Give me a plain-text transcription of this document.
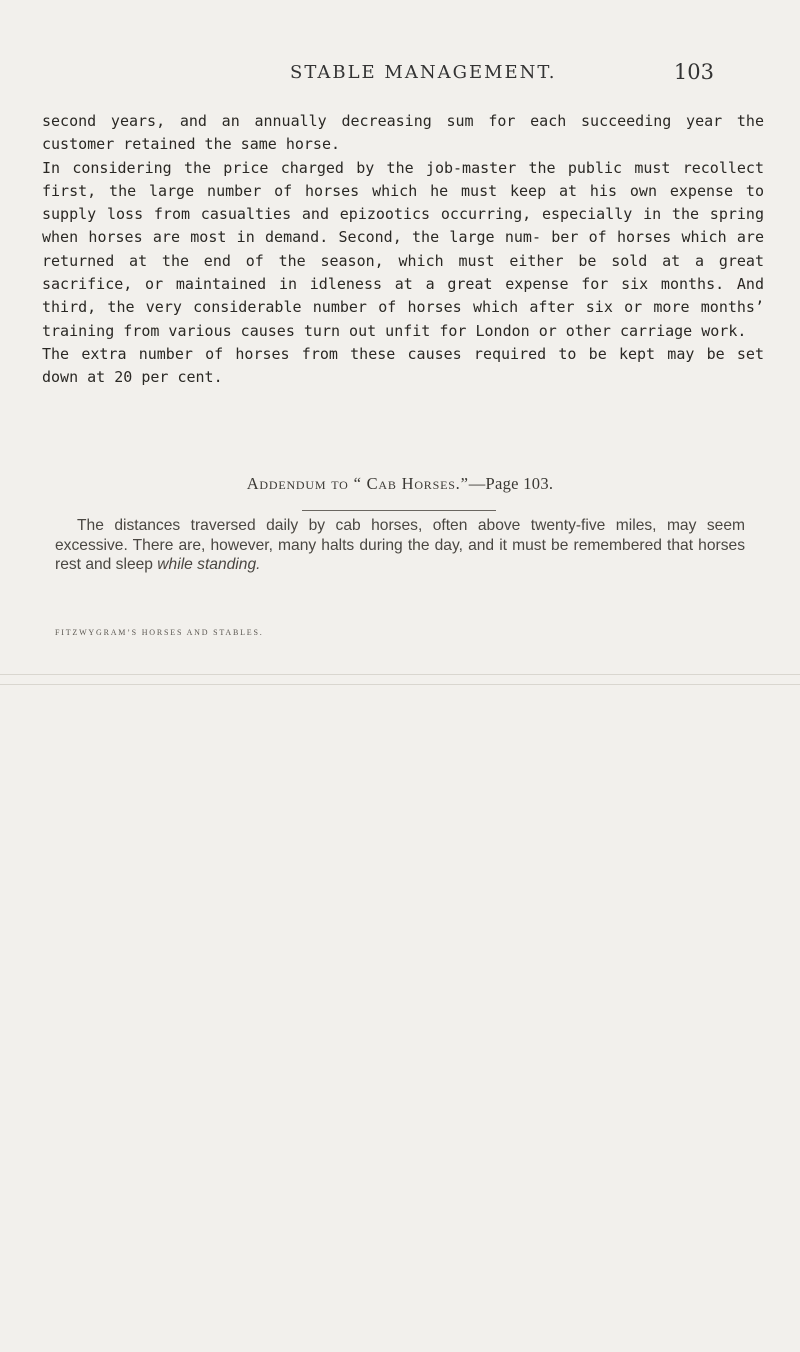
STABLE MANAGEMENT.	103

second years, and an annually decreasing sum for each succeeding year the customer retained the same horse.

In considering the price charged by the job-master the public must recollect first, the large number of horses which he must keep at his own expense to supply loss from casualties and epizootics occurring, especially in the spring when horses are most in demand. Second, the large num- ber of horses which are returned at the end of the season, which must either be sold at a great sacrifice, or maintained in idleness at a great expense for six months. And third, the very considerable number of horses which after six or more months’ training from various causes turn out unfit for London or other carriage work.

The extra number of horses from these causes required to be kept may be set down at 20 per cent.

Addendum to “ Cab Horses.”—Page 103.

The distances traversed daily by cab horses, often above twenty-five miles, may seem excessive. There are, however, many halts during the day, and it must be remembered that horses rest and sleep while standing.

FITZWYGRAM’S HORSES AND STABLES.
